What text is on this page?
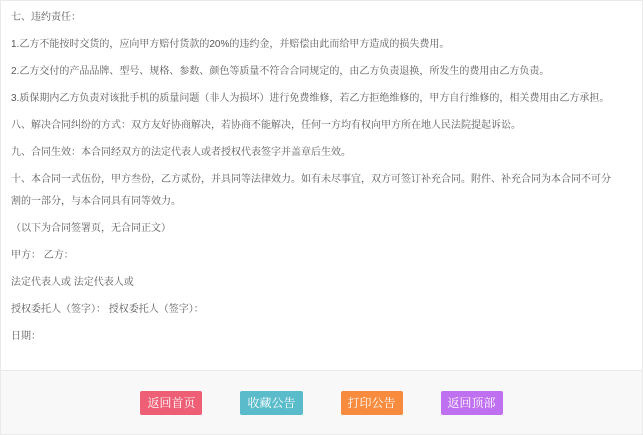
七、违约责任：

1.乙方不能按时交货的，应向甲方赔付货款的20%的违约金，并赔偿由此而给甲方造成的损失费用。

2.乙方交付的产品品牌、型号、规格、参数、颜色等质量不符合合同规定的，由乙方负责退换，所发生的费用由乙方负责。

3.质保期内乙方负责对该批手机的质量问题（非人为损坏）进行免费维修，若乙方拒绝维修的，甲方自行维修的，相关费用由乙方承担。

八、解决合同纠纷的方式：双方友好协商解决，若协商不能解决，任何一方均有权向甲方所在地人民法院提起诉讼。

九、合同生效：本合同经双方的法定代表人或者授权代表签字并盖章后生效。

十、本合同一式伍份，甲方叁份，乙方贰份，并具同等法律效力。如有未尽事宜，双方可签订补充合同。附件、补充合同为本合同不可分割的一部分，与本合同具有同等效力。

（以下为合同签署页，无合同正文）

甲方： 乙方：

法定代表人或 法定代表人或

授权委托人（签字）： 授权委托人（签字）：

日期：

返回首页	收藏公告	打印公告	返回顶部
